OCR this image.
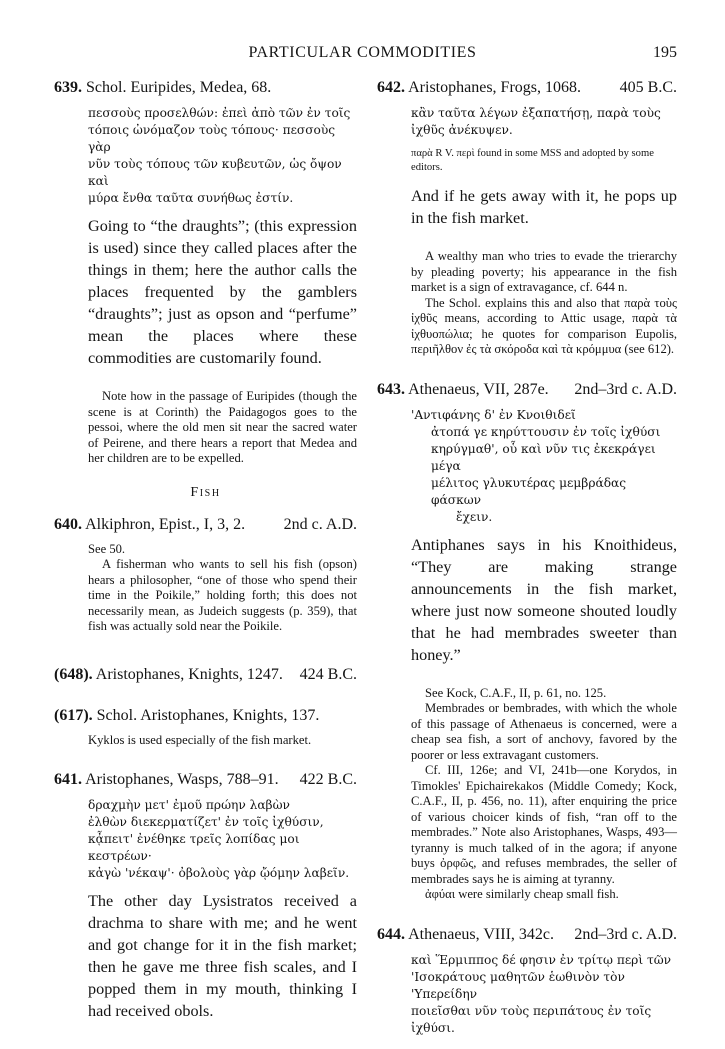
PARTICULAR COMMODITIES	195
639. Schol. Euripides, Medea, 68.
πεσσοὺς προσελθών: ἐπεὶ ἀπὸ τῶν ἐν τοῖς
τόποις ὠνόμαζον τοὺς τόπους· πεσσοὺς γὰρ
νῦν τοὺς τόπους τῶν κυβευτῶν, ὡς ὄψον καὶ
μύρα ἔνθα ταῦτα συνήθως ἐστίν.
Going to “the draughts”; (this expression is used) since they called places after the things in them; here the author calls the places frequented by the gamblers “draughts”; just as opson and “perfume” mean the places where these commodities are customarily found.

Note how in the passage of Euripides (though the scene is at Corinth) the Paidagogos goes to the pessoi, where the old men sit near the sacred water of Peirene, and there hears a report that Medea and her children are to be expelled.

Fish
640. Alkiphron, Epist., I, 3, 2. 2nd c. A.D.

See 50.

A fisherman who wants to sell his fish (opson) hears a philosopher, “one of those who spend their time in the Poikile,” holding forth; this does not necessarily mean, as Judeich suggests (p. 359), that fish was actually sold near the Poikile.

(648). Aristophanes, Knights, 1247. 424 B.C.
(617). Schol. Aristophanes, Knights, 137.

Kyklos is used especially of the fish market.

641. Aristophanes, Wasps, 788–91. 422 B.C.
δραχμὴν μετ' ἐμοῦ πρώην λαβὼν
ἐλθὼν διεκερματίζετ' ἐν τοῖς ἰχθύσιν,
κᾆπειτ' ἐνέθηκε τρεῖς λοπίδας μοι κεστρέων·
κἀγὼ 'νέκαψ'· ὀβολοὺς γὰρ ᾤόμην λαβεῖν.
The other day Lysistratos received a drachma to share with me; and he went and got change for it in the fish market; then he gave me three fish scales, and I popped them in my mouth, thinking I had received obols.
642. Aristophanes, Frogs, 1068. 405 B.C.
κἂν ταῦτα λέγων ἐξαπατήσῃ, παρὰ τοὺς
ἰχθῦς ἀνέκυψεν.
παρὰ R V. περὶ found in some MSS and adopted by some editors.
And if he gets away with it, he pops up in the fish market.

A wealthy man who tries to evade the trierarchy by pleading poverty; his appearance in the fish market is a sign of extravagance, cf. 644 n.

The Schol. explains this and also that παρὰ τοὺς ἰχθῦς means, according to Attic usage, παρὰ τὰ ἰχθυοπώλια; he quotes for comparison Eupolis, περιῆλθον ἐς τὰ σκόροδα καὶ τὰ κρόμμυα (see 612).

643. Athenaeus, VII, 287e. 2nd–3rd c. A.D.
'Αντιφάνης δ' ἐν Κνοιθιδεῖ
ἀτοπά γε κηρύττουσιν ἐν τοῖς ἰχθύσι
κηρύγμαθ', οὗ καὶ νῦν τις ἐκεκράγει μέγα
μέλιτος γλυκυτέρας μεμβράδας φάσκων
ἔχειν.
Antiphanes says in his Knoithideus, “They are making strange announcements in the fish market, where just now someone shouted loudly that he had membrades sweeter than honey.”

See Kock, C.A.F., II, p. 61, no. 125.

Membrades or bembrades, with which the whole of this passage of Athenaeus is concerned, were a cheap sea fish, a sort of anchovy, favored by the poorer or less extravagant customers.

Cf. III, 126e; and VI, 241b—one Korydos, in Timokles' Epichairekakos (Middle Comedy; Kock, C.A.F., II, p. 456, no. 11), after enquiring the price of various choicer kinds of fish, “ran off to the membrades.” Note also Aristophanes, Wasps, 493—tyranny is much talked of in the agora; if anyone buys ὀρφῶς, and refuses membrades, the seller of membrades says he is aiming at tyranny.

ἀφύαι were similarly cheap small fish.

644. Athenaeus, VIII, 342c. 2nd–3rd c. A.D.
καὶ Ἕρμιππος δέ φησιν ἐν τρίτῳ περὶ τῶν
'Ισοκράτους μαθητῶν ἑωθινὸν τὸν 'Υπερείδην
ποιεῖσθαι νῦν τοὺς περιπάτους ἐν τοῖς ἰχθύσι.
